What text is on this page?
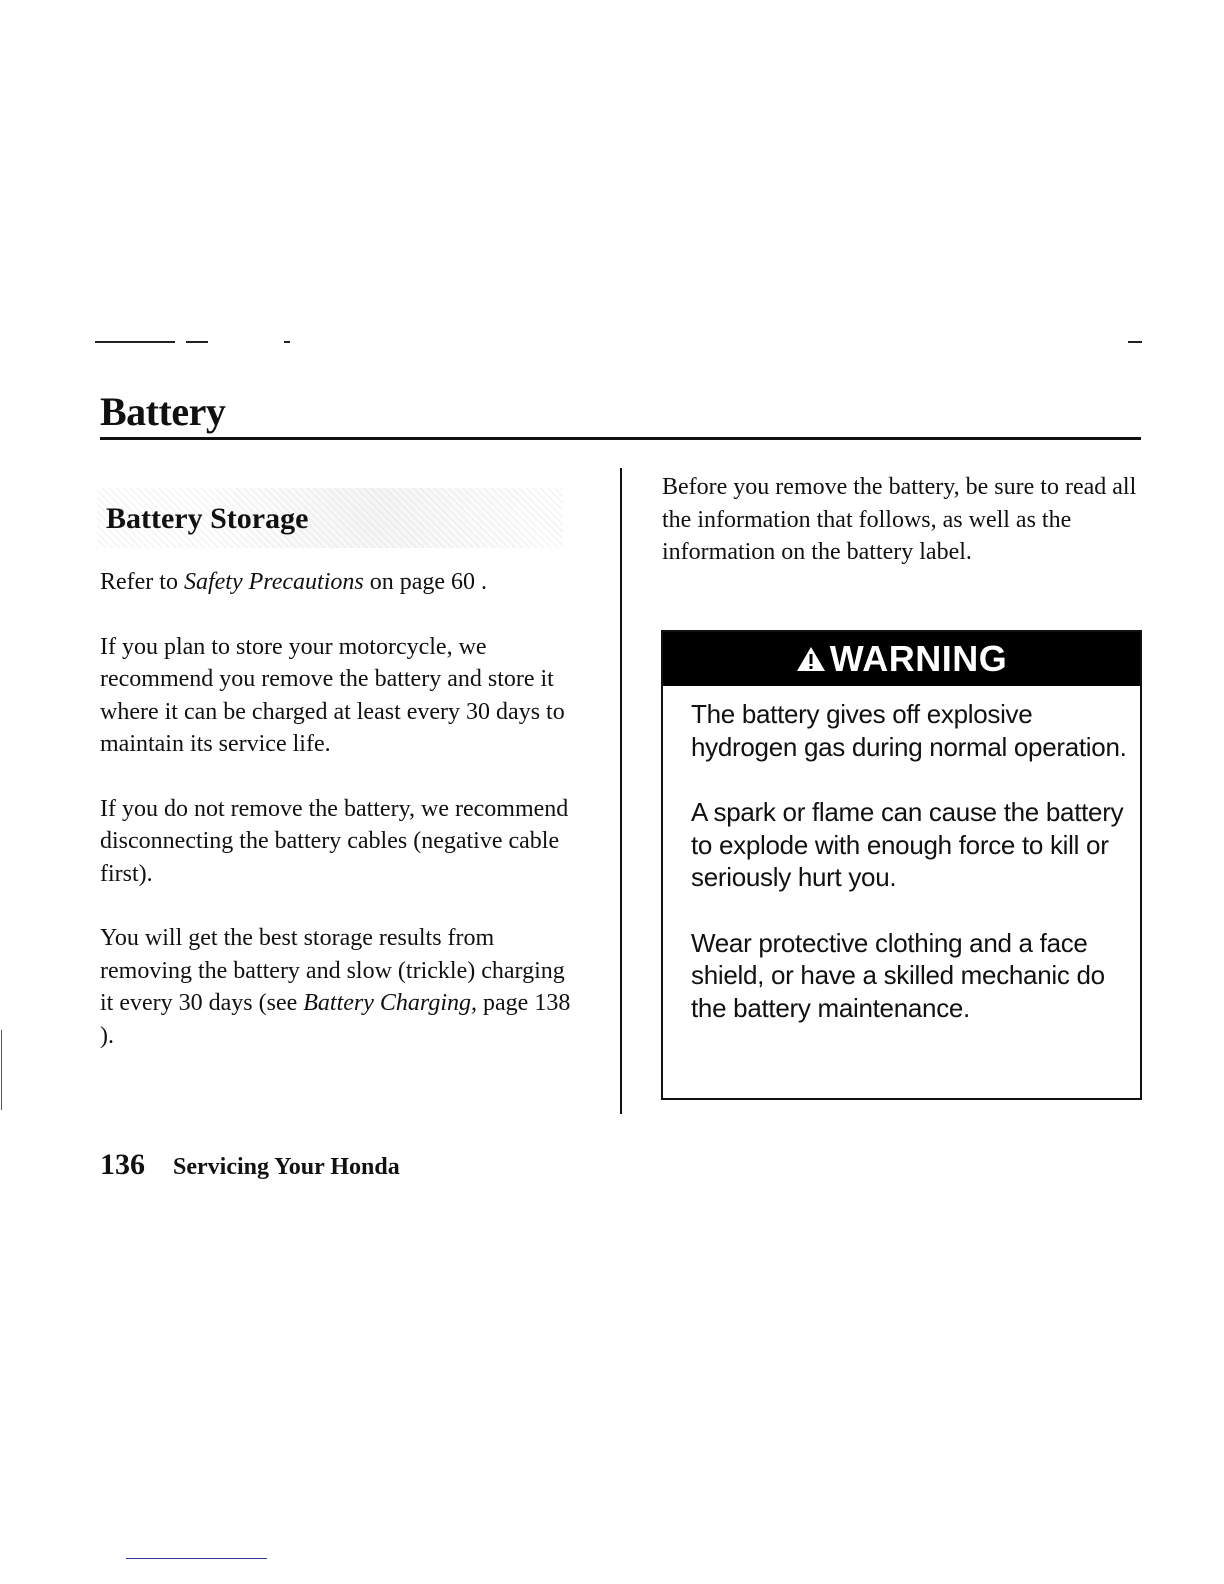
Battery
Battery Storage

Refer to Safety Precautions on page 60 .

If you plan to store your motorcycle, we recommend you remove the battery and store it where it can be charged at least every 30 days to maintain its service life.

If you do not remove the battery, we recommend disconnecting the battery cables (negative cable first).

You will get the best storage results from removing the battery and slow (trickle) charging it every 30 days (see Battery Charging, page 138 ).

Before you remove the battery, be sure to read all the information that follows, as well as the information on the battery label.

WARNING

The battery gives off explosive hydrogen gas during normal operation.

A spark or flame can cause the battery to explode with enough force to kill or seriously hurt you.

Wear protective clothing and a face shield, or have a skilled mechanic do the battery maintenance.

136 Servicing Your Honda
